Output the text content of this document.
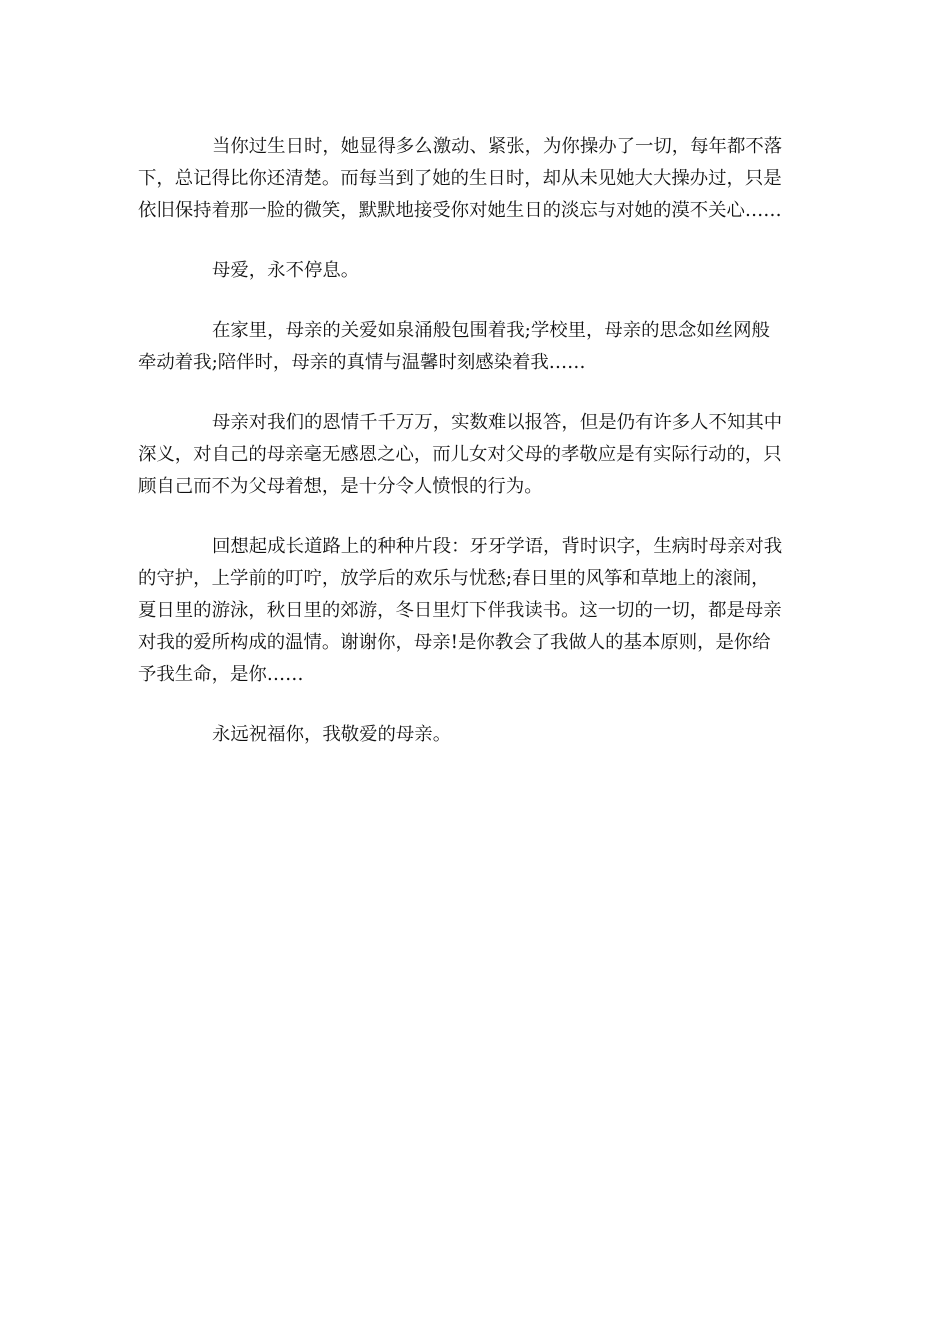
当你过生日时，她显得多么激动、紧张，为你操办了一切，每年都不落
下，总记得比你还清楚。而每当到了她的生日时，却从未见她大大操办过，只是
依旧保持着那一脸的微笑，默默地接受你对她生日的淡忘与对她的漠不关心……

母爱，永不停息。

在家里，母亲的关爱如泉涌般包围着我;学校里，母亲的思念如丝网般
牵动着我;陪伴时，母亲的真情与温馨时刻感染着我……

母亲对我们的恩情千千万万，实数难以报答，但是仍有许多人不知其中
深义，对自己的母亲毫无感恩之心，而儿女对父母的孝敬应是有实际行动的，只
顾自己而不为父母着想，是十分令人愤恨的行为。

回想起成长道路上的种种片段：牙牙学语，背时识字，生病时母亲对我
的守护，上学前的叮咛，放学后的欢乐与忧愁;春日里的风筝和草地上的滚闹，
夏日里的游泳，秋日里的郊游，冬日里灯下伴我读书。这一切的一切，都是母亲
对我的爱所构成的温情。谢谢你，母亲!是你教会了我做人的基本原则，是你给
予我生命，是你……

永远祝福你，我敬爱的母亲。
